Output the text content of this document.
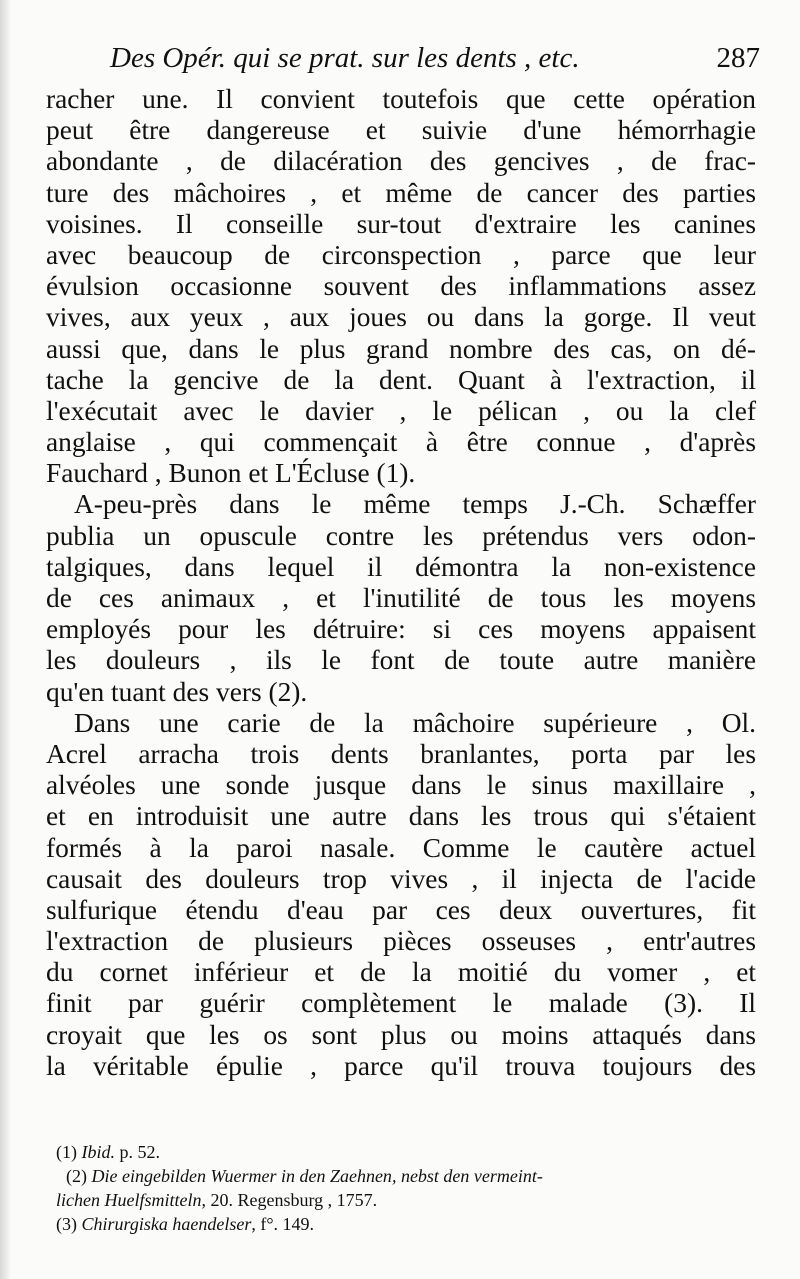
Des Opér. qui se prat. sur les dents , etc.	287
racher une. Il convient toutefois que cette opération
peut être dangereuse et suivie d'une hémorrhagie
abondante , de dilacération des gencives , de frac-
ture des mâchoires , et même de cancer des parties
voisines. Il conseille sur-tout d'extraire les canines
avec beaucoup de circonspection , parce que leur
évulsion occasionne souvent des inflammations assez
vives, aux yeux , aux joues ou dans la gorge. Il veut
aussi que, dans le plus grand nombre des cas, on dé-
tache la gencive de la dent. Quant à l'extraction, il
l'exécutait avec le davier , le pélican , ou la clef
anglaise , qui commençait à être connue , d'après
Fauchard , Bunon et L'Écluse (1).
A-peu-près dans le même temps J.-Ch. Schæffer
publia un opuscule contre les prétendus vers odon-
talgiques, dans lequel il démontra la non-existence
de ces animaux , et l'inutilité de tous les moyens
employés pour les détruire: si ces moyens appaisent
les douleurs , ils le font de toute autre manière
qu'en tuant des vers (2).
Dans une carie de la mâchoire supérieure , Ol.
Acrel arracha trois dents branlantes, porta par les
alvéoles une sonde jusque dans le sinus maxillaire ,
et en introduisit une autre dans les trous qui s'étaient
formés à la paroi nasale. Comme le cautère actuel
causait des douleurs trop vives , il injecta de l'acide
sulfurique étendu d'eau par ces deux ouvertures, fit
l'extraction de plusieurs pièces osseuses , entr'autres
du cornet inférieur et de la moitié du vomer , et
finit par guérir complètement le malade (3). Il
croyait que les os sont plus ou moins attaqués dans
la véritable épulie , parce qu'il trouva toujours des
(1) Ibid. p. 52.
(2) Die eingebilden Wuermer in den Zaehnen, nebst den vermeint-
lichen Huelfsmitteln, 20. Regensburg , 1757.
(3) Chirurgiska haendelser, f°. 149.
